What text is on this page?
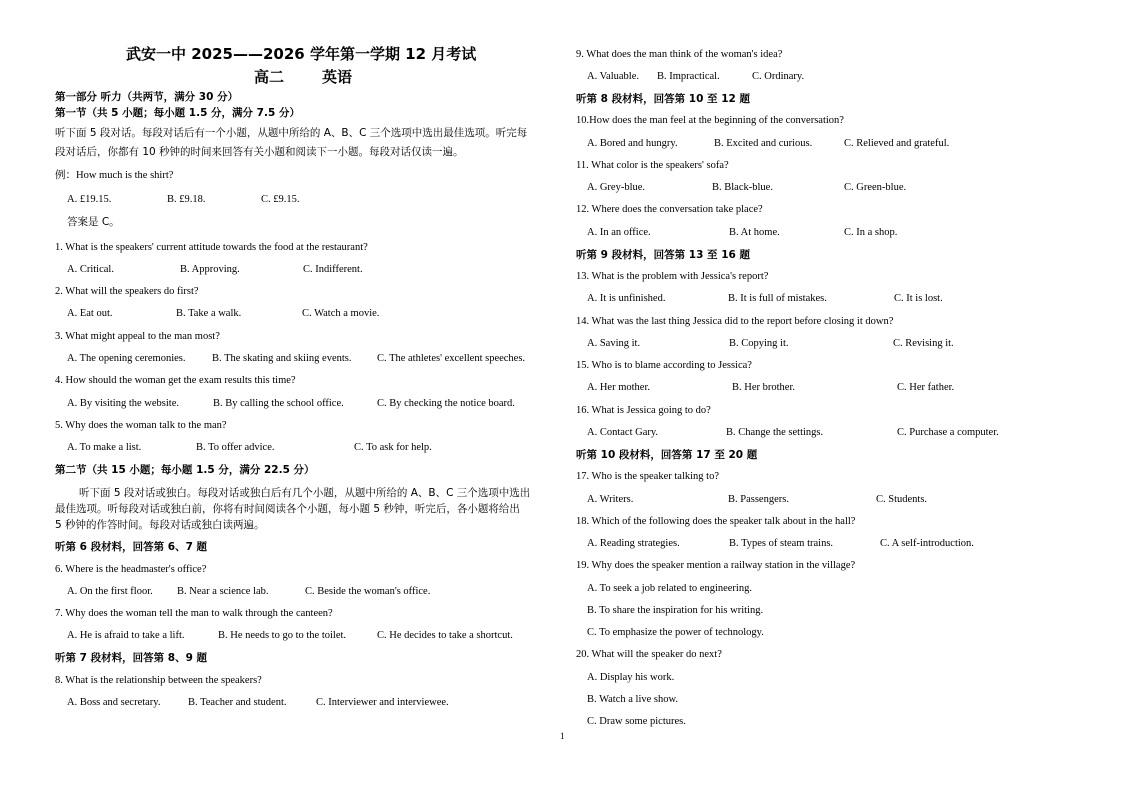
武安一中 2025——2026 学年第一学期 12 月考试
高二	英语
第一部分 听力（共两节，满分 30 分）
第一节（共 5 小题；每小题 1.5 分，满分 7.5 分）
听下面 5 段对话。每段对话后有一个小题，从题中所给的 A、B、C 三个选项中选出最佳选项。听完每
段对话后，你都有 10 秒钟的时间来回答有关小题和阅读下一小题。每段对话仅读一遍。
例：How much is the shirt?
A. £19.15.	B. £9.18.	C. £9.15.
答案是 C。
1. What is the speakers' current attitude towards the food at the restaurant?
A. Critical.	B. Approving.	C. Indifferent.
2. What will the speakers do first?
A. Eat out.	B. Take a walk.	C. Watch a movie.
3. What might appeal to the man most?
A. The opening ceremonies.	B. The skating and skiing events. C. The athletes' excellent speeches.
4. How should the woman get the exam results this time?
A. By visiting the website.	B. By calling the school office.	C. By checking the notice board.
5. Why does the woman talk to the man?
A. To make a list.	B. To offer advice.	C. To ask for help.
第二节（共 15 小题；每小题 1.5 分，满分 22.5 分）
听下面 5 段对话或独白。每段对话或独白后有几个小题，从题中所给的 A、B、C 三个选项中选出
最佳选项。听每段对话或独白前，你将有时间阅读各个小题，每小题 5 秒钟，听完后，各小题将给出
5 秒钟的作答时间。每段对话或独白读两遍。
听第 6 段材料，回答第 6、7 题
6. Where is the headmaster's office?
A. On the first floor. B. Near a science lab.	C. Beside the woman's office.
7. Why does the woman tell the man to walk through the canteen?
A. He is afraid to take a lift.	B. He needs to go to the toilet.	C. He decides to take a shortcut.
听第 7 段材料，回答第 8、9 题
8. What is the relationship between the speakers?
A. Boss and secretary.	B. Teacher and student.	C. Interviewer and interviewee.
9. What does the man think of the woman's idea?
A. Valuable. B. Impractical.	C. Ordinary.
听第 8 段材料，回答第 10 至 12 题
10.How does the man feel at the beginning of the conversation?
A. Bored and hungry.	B. Excited and curious.	C. Relieved and grateful.
11. What color is the speakers' sofa?
A. Grey-blue.	B. Black-blue.	C. Green-blue.
12. Where does the conversation take place?
A. In an office.	B. At home.	C. In a shop.
听第 9 段材料，回答第 13 至 16 题
13. What is the problem with Jessica's report?
A. It is unfinished.	B. It is full of mistakes.	C. It is lost.
14. What was the last thing Jessica did to the report before closing it down?
A. Saving it.	B. Copying it.	C. Revising it.
15. Who is to blame according to Jessica?
A. Her mother.	B. Her brother.	C. Her father.
16. What is Jessica going to do?
A. Contact Gary.	B. Change the settings.	C. Purchase a computer.
听第 10 段材料，回答第 17 至 20 题
17. Who is the speaker talking to?
A. Writers.	B. Passengers.	C. Students.
18. Which of the following does the speaker talk about in the hall?
A. Reading strategies.	B. Types of steam trains.	C. A self-introduction.
19. Why does the speaker mention a railway station in the village?
A. To seek a job related to engineering.
B. To share the inspiration for his writing.
C. To emphasize the power of technology.
20. What will the speaker do next?
A. Display his work.
B. Watch a live show.
C. Draw some pictures.
1
